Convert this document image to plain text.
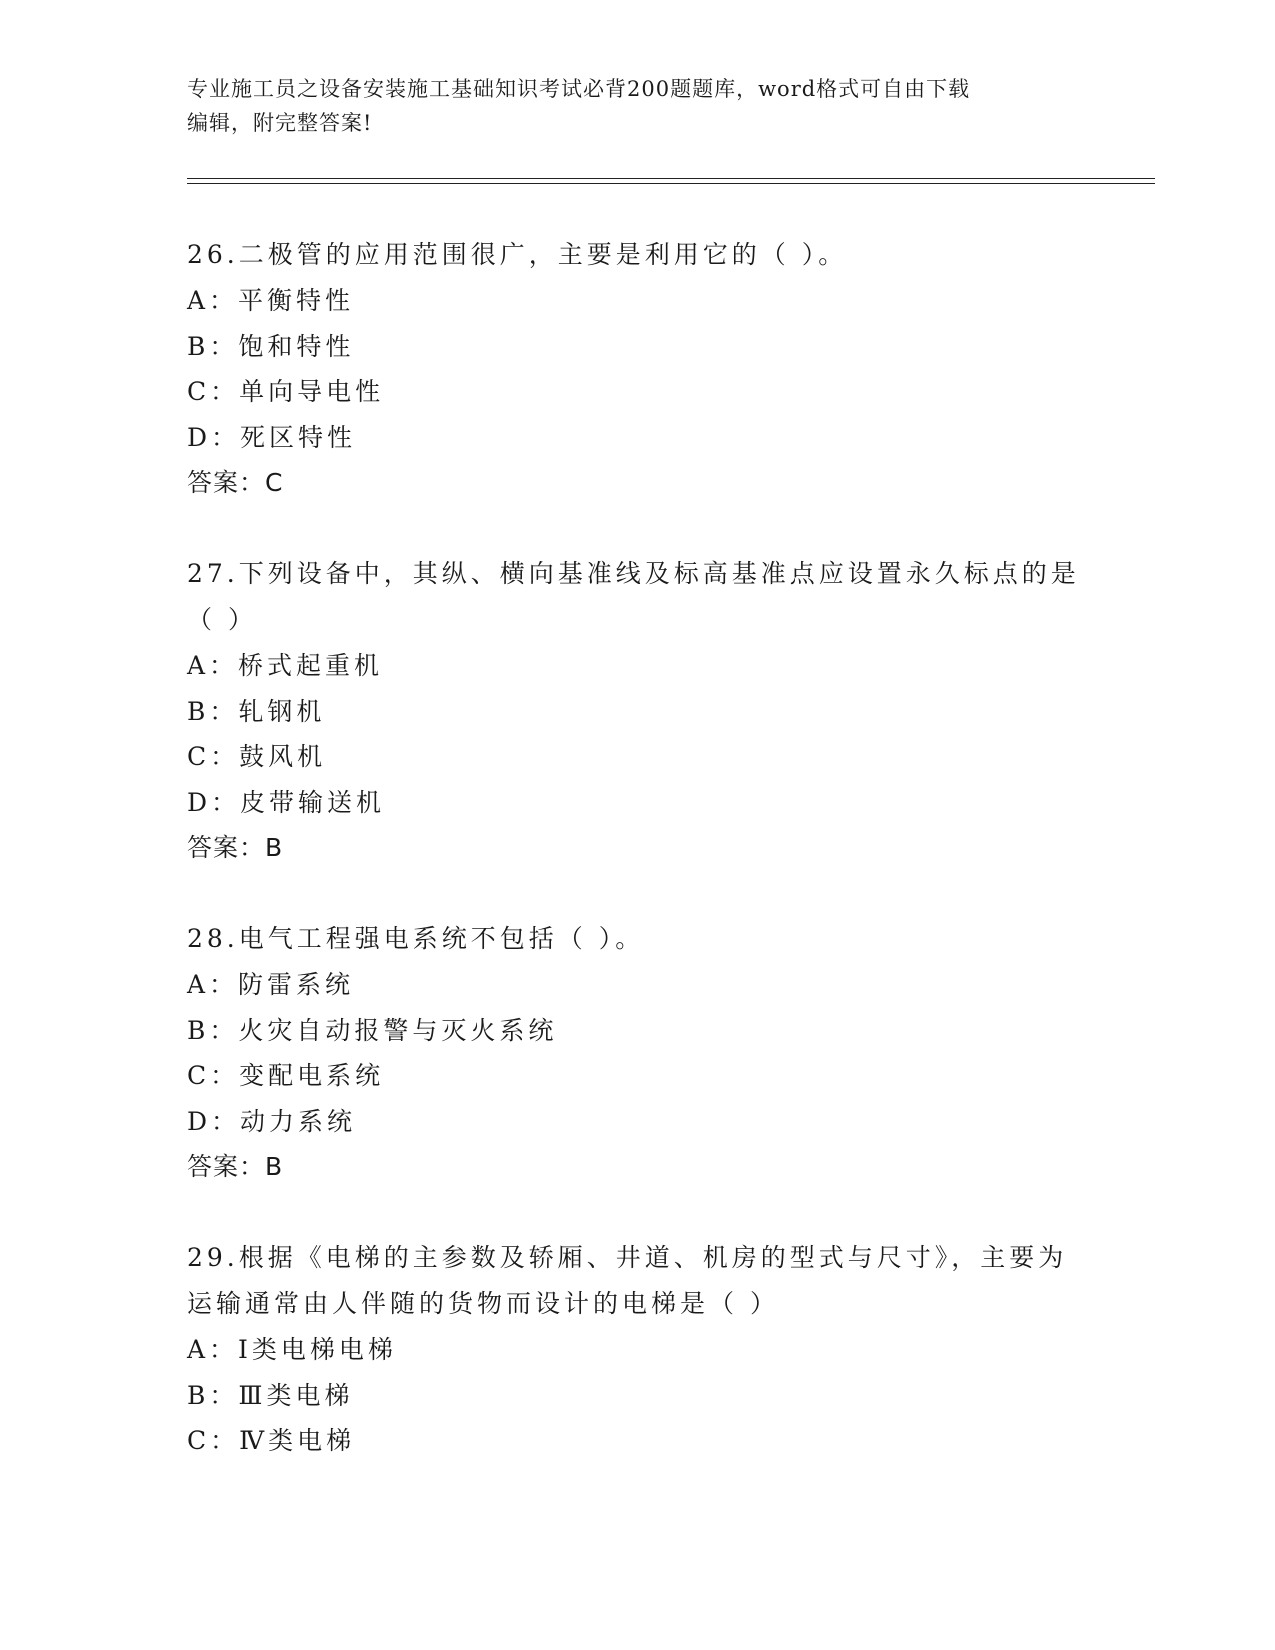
专业施工员之设备安装施工基础知识考试必背200题题库，word格式可自由下载
编辑，附完整答案!
26.二极管的应用范围很广，主要是利用它的（ ）。
A：平衡特性
B：饱和特性
C：单向导电性
D：死区特性
答案：C
27.下列设备中，其纵、横向基准线及标高基准点应设置永久标点的是
（ ）
A：桥式起重机
B：轧钢机
C：鼓风机
D：皮带输送机
答案：B
28.电气工程强电系统不包括（ ）。
A：防雷系统
B：火灾自动报警与灭火系统
C：变配电系统
D：动力系统
答案：B
29.根据《电梯的主参数及轿厢、井道、机房的型式与尺寸》，主要为
运输通常由人伴随的货物而设计的电梯是（ ）
A：Ⅰ类电梯电梯
B：Ⅲ类电梯
C：Ⅳ类电梯
